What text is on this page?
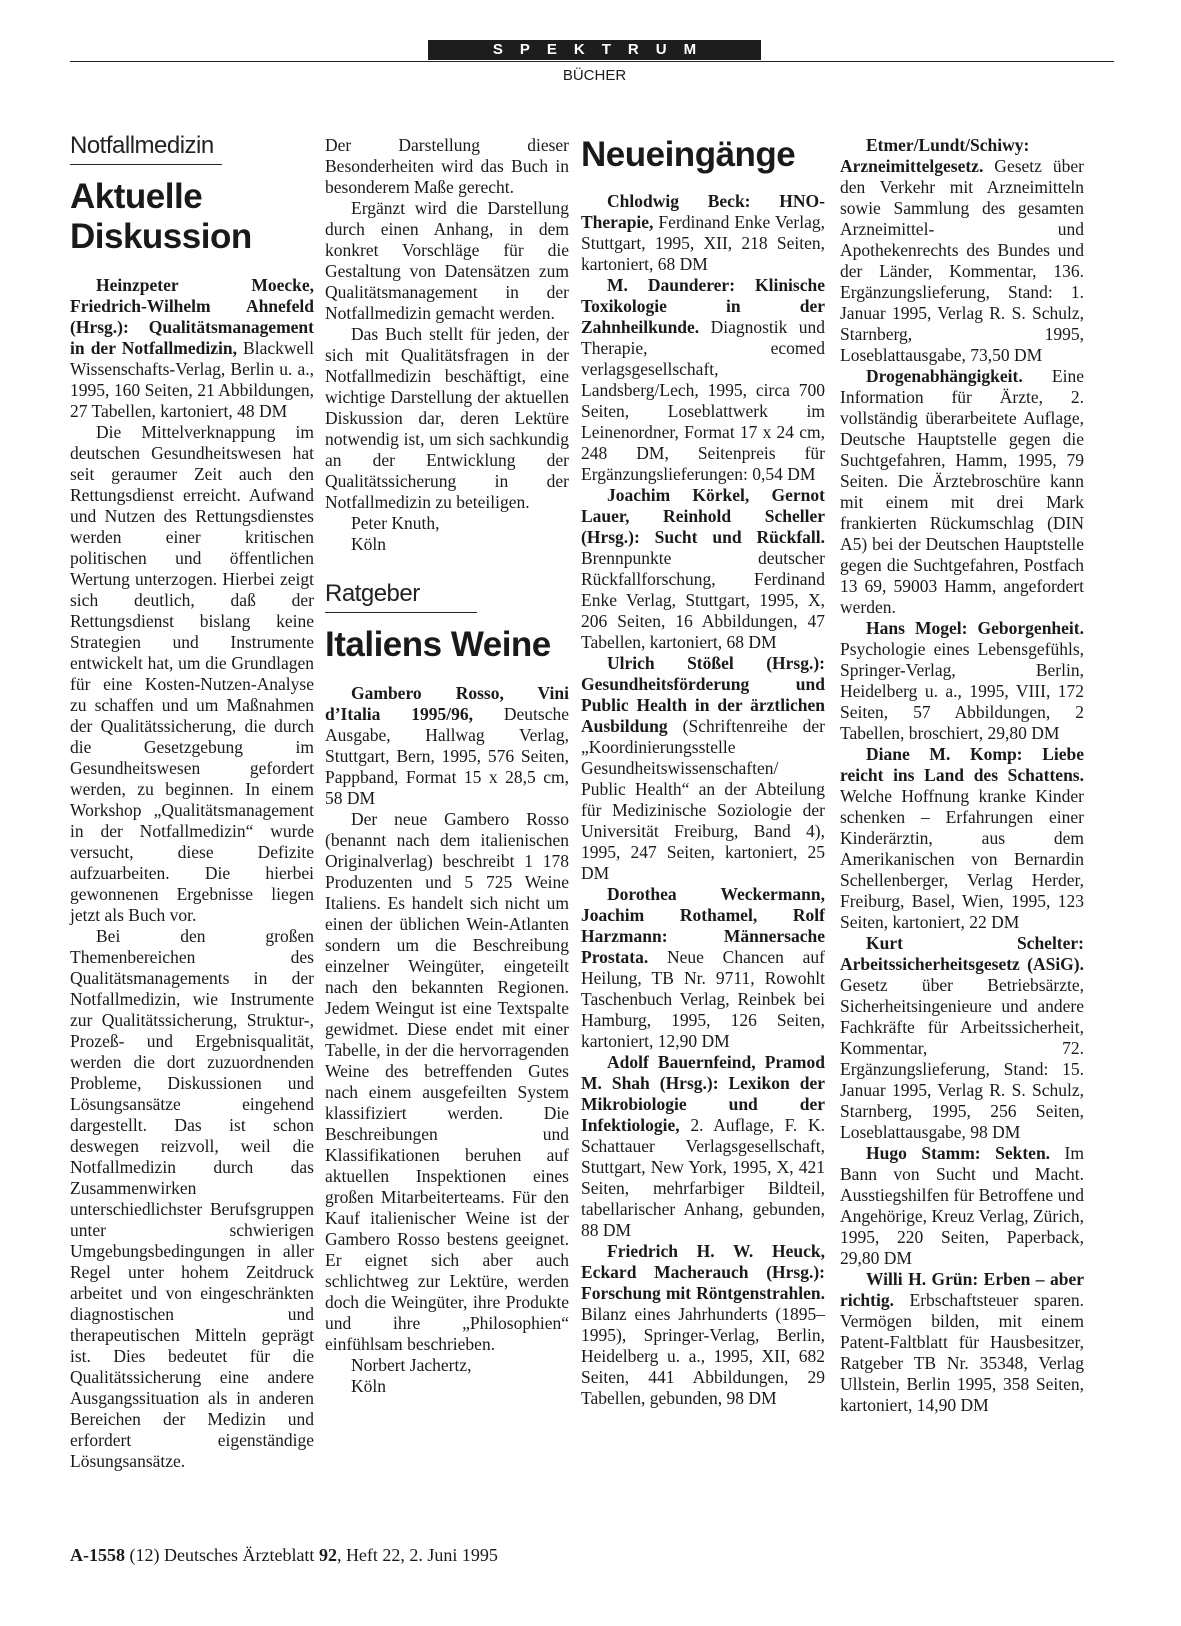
SPEKTRUM
BÜCHER
Notfallmedizin
Aktuelle Diskussion

Heinzpeter Moecke, Friedrich-Wilhelm Ahnefeld (Hrsg.): Qualitätsmanagement in der Notfallmedizin, Blackwell Wissenschafts-Verlag, Berlin u. a., 1995, 160 Seiten, 21 Abbildungen, 27 Tabellen, kartoniert, 48 DM

Die Mittelverknappung im deutschen Gesundheitswesen hat seit geraumer Zeit auch den Rettungsdienst erreicht. Aufwand und Nutzen des Rettungsdienstes werden einer kritischen politischen und öffentlichen Wertung unterzogen. Hierbei zeigt sich deutlich, daß der Rettungsdienst bislang keine Strategien und Instrumente entwickelt hat, um die Grundlagen für eine Kosten-Nutzen-Analyse zu schaffen und um Maßnahmen der Qualitätssicherung, die durch die Gesetzgebung im Gesundheitswesen gefordert werden, zu beginnen. In einem Workshop „Qualitätsmanagement in der Notfallmedizin“ wurde versucht, diese Defizite aufzuarbeiten. Die hierbei gewonnenen Ergebnisse liegen jetzt als Buch vor.

Bei den großen Themenbereichen des Qualitätsmanagements in der Notfallmedizin, wie Instrumente zur Qualitätssicherung, Struktur-, Prozeß- und Ergebnisqualität, werden die dort zuzuordnenden Probleme, Diskussionen und Lösungsansätze eingehend dargestellt. Das ist schon deswegen reizvoll, weil die Notfallmedizin durch das Zusammenwirken unterschiedlichster Berufsgruppen unter schwierigen Umgebungsbedingungen in aller Regel unter hohem Zeitdruck arbeitet und von eingeschränkten diagnostischen und therapeutischen Mitteln geprägt ist. Dies bedeutet für die Qualitätssicherung eine andere Ausgangssituation als in anderen Bereichen der Medizin und erfordert eigenständige Lösungsansätze.

Der Darstellung dieser Besonderheiten wird das Buch in besonderem Maße gerecht.

Ergänzt wird die Darstellung durch einen Anhang, in dem konkret Vorschläge für die Gestaltung von Datensätzen zum Qualitätsmanagement in der Notfallmedizin gemacht werden.

Das Buch stellt für jeden, der sich mit Qualitätsfragen in der Notfallmedizin beschäftigt, eine wichtige Darstellung der aktuellen Diskussion dar, deren Lektüre notwendig ist, um sich sachkundig an der Entwicklung der Qualitätssicherung in der Notfallmedizin zu beteiligen.

Peter Knuth,

Köln

Ratgeber
Italiens Weine

Gambero Rosso, Vini d’Italia 1995/96, Deutsche Ausgabe, Hallwag Verlag, Stuttgart, Bern, 1995, 576 Seiten, Pappband, Format 15 x 28,5 cm, 58 DM

Der neue Gambero Rosso (benannt nach dem italienischen Originalverlag) beschreibt 1 178 Produzenten und 5 725 Weine Italiens. Es handelt sich nicht um einen der üblichen Wein-Atlanten sondern um die Beschreibung einzelner Weingüter, eingeteilt nach den bekannten Regionen. Jedem Weingut ist eine Textspalte gewidmet. Diese endet mit einer Tabelle, in der die hervorragenden Weine des betreffenden Gutes nach einem ausgefeilten System klassifiziert werden. Die Beschreibungen und Klassifikationen beruhen auf aktuellen Inspektionen eines großen Mitarbeiterteams. Für den Kauf italienischer Weine ist der Gambero Rosso bestens geeignet. Er eignet sich aber auch schlichtweg zur Lektüre, werden doch die Weingüter, ihre Produkte und ihre „Philosophien“ einfühlsam beschrieben.

Norbert Jachertz,

Köln

Neueingänge

Chlodwig Beck: HNO-Therapie, Ferdinand Enke Verlag, Stuttgart, 1995, XII, 218 Seiten, kartoniert, 68 DM

M. Daunderer: Klinische Toxikologie in der Zahnheilkunde. Diagnostik und Therapie, ecomed verlagsgesellschaft, Landsberg/Lech, 1995, circa 700 Seiten, Loseblattwerk im Leinenordner, Format 17 x 24 cm, 248 DM, Seitenpreis für Ergänzungslieferungen: 0,54 DM

Joachim Körkel, Gernot Lauer, Reinhold Scheller (Hrsg.): Sucht und Rückfall. Brennpunkte deutscher Rückfallforschung, Ferdinand Enke Verlag, Stuttgart, 1995, X, 206 Seiten, 16 Abbildungen, 47 Tabellen, kartoniert, 68 DM

Ulrich Stößel (Hrsg.): Gesundheitsförderung und Public Health in der ärztlichen Ausbildung (Schriftenreihe der „Koordinierungsstelle Gesundheitswissenschaften/ Public Health“ an der Abteilung für Medizinische Soziologie der Universität Freiburg, Band 4), 1995, 247 Seiten, kartoniert, 25 DM

Dorothea Weckermann, Joachim Rothamel, Rolf Harzmann: Männersache Prostata. Neue Chancen auf Heilung, TB Nr. 9711, Rowohlt Taschenbuch Verlag, Reinbek bei Hamburg, 1995, 126 Seiten, kartoniert, 12,90 DM

Adolf Bauernfeind, Pramod M. Shah (Hrsg.): Lexikon der Mikrobiologie und der Infektiologie, 2. Auflage, F. K. Schattauer Verlagsgesellschaft, Stuttgart, New York, 1995, X, 421 Seiten, mehrfarbiger Bildteil, tabellarischer Anhang, gebunden, 88 DM

Friedrich H. W. Heuck, Eckard Macherauch (Hrsg.): Forschung mit Röntgenstrahlen. Bilanz eines Jahrhunderts (1895–1995), Springer-Verlag, Berlin, Heidelberg u. a., 1995, XII, 682 Seiten, 441 Abbildungen, 29 Tabellen, gebunden, 98 DM

Etmer/Lundt/Schiwy: Arzneimittelgesetz. Gesetz über den Verkehr mit Arzneimitteln sowie Sammlung des gesamten Arzneimittel- und Apothekenrechts des Bundes und der Länder, Kommentar, 136. Ergänzungslieferung, Stand: 1. Januar 1995, Verlag R. S. Schulz, Starnberg, 1995, Loseblattausgabe, 73,50 DM

Drogenabhängigkeit. Eine Information für Ärzte, 2. vollständig überarbeitete Auflage, Deutsche Hauptstelle gegen die Suchtgefahren, Hamm, 1995, 79 Seiten. Die Ärztebroschüre kann mit einem mit drei Mark frankierten Rückumschlag (DIN A5) bei der Deutschen Hauptstelle gegen die Suchtgefahren, Postfach 13 69, 59003 Hamm, angefordert werden.

Hans Mogel: Geborgenheit. Psychologie eines Lebensgefühls, Springer-Verlag, Berlin, Heidelberg u. a., 1995, VIII, 172 Seiten, 57 Abbildungen, 2 Tabellen, broschiert, 29,80 DM

Diane M. Komp: Liebe reicht ins Land des Schattens. Welche Hoffnung kranke Kinder schenken – Erfahrungen einer Kinderärztin, aus dem Amerikanischen von Bernardin Schellenberger, Verlag Herder, Freiburg, Basel, Wien, 1995, 123 Seiten, kartoniert, 22 DM

Kurt Schelter: Arbeitssicherheitsgesetz (ASiG). Gesetz über Betriebsärzte, Sicherheitsingenieure und andere Fachkräfte für Arbeitssicherheit, Kommentar, 72. Ergänzungslieferung, Stand: 15. Januar 1995, Verlag R. S. Schulz, Starnberg, 1995, 256 Seiten, Loseblattausgabe, 98 DM

Hugo Stamm: Sekten. Im Bann von Sucht und Macht. Ausstiegshilfen für Betroffene und Angehörige, Kreuz Verlag, Zürich, 1995, 220 Seiten, Paperback, 29,80 DM

Willi H. Grün: Erben – aber richtig. Erbschaftsteuer sparen. Vermögen bilden, mit einem Patent-Faltblatt für Hausbesitzer, Ratgeber TB Nr. 35348, Verlag Ullstein, Berlin 1995, 358 Seiten, kartoniert, 14,90 DM

A-1558 (12) Deutsches Ärzteblatt 92, Heft 22, 2. Juni 1995
